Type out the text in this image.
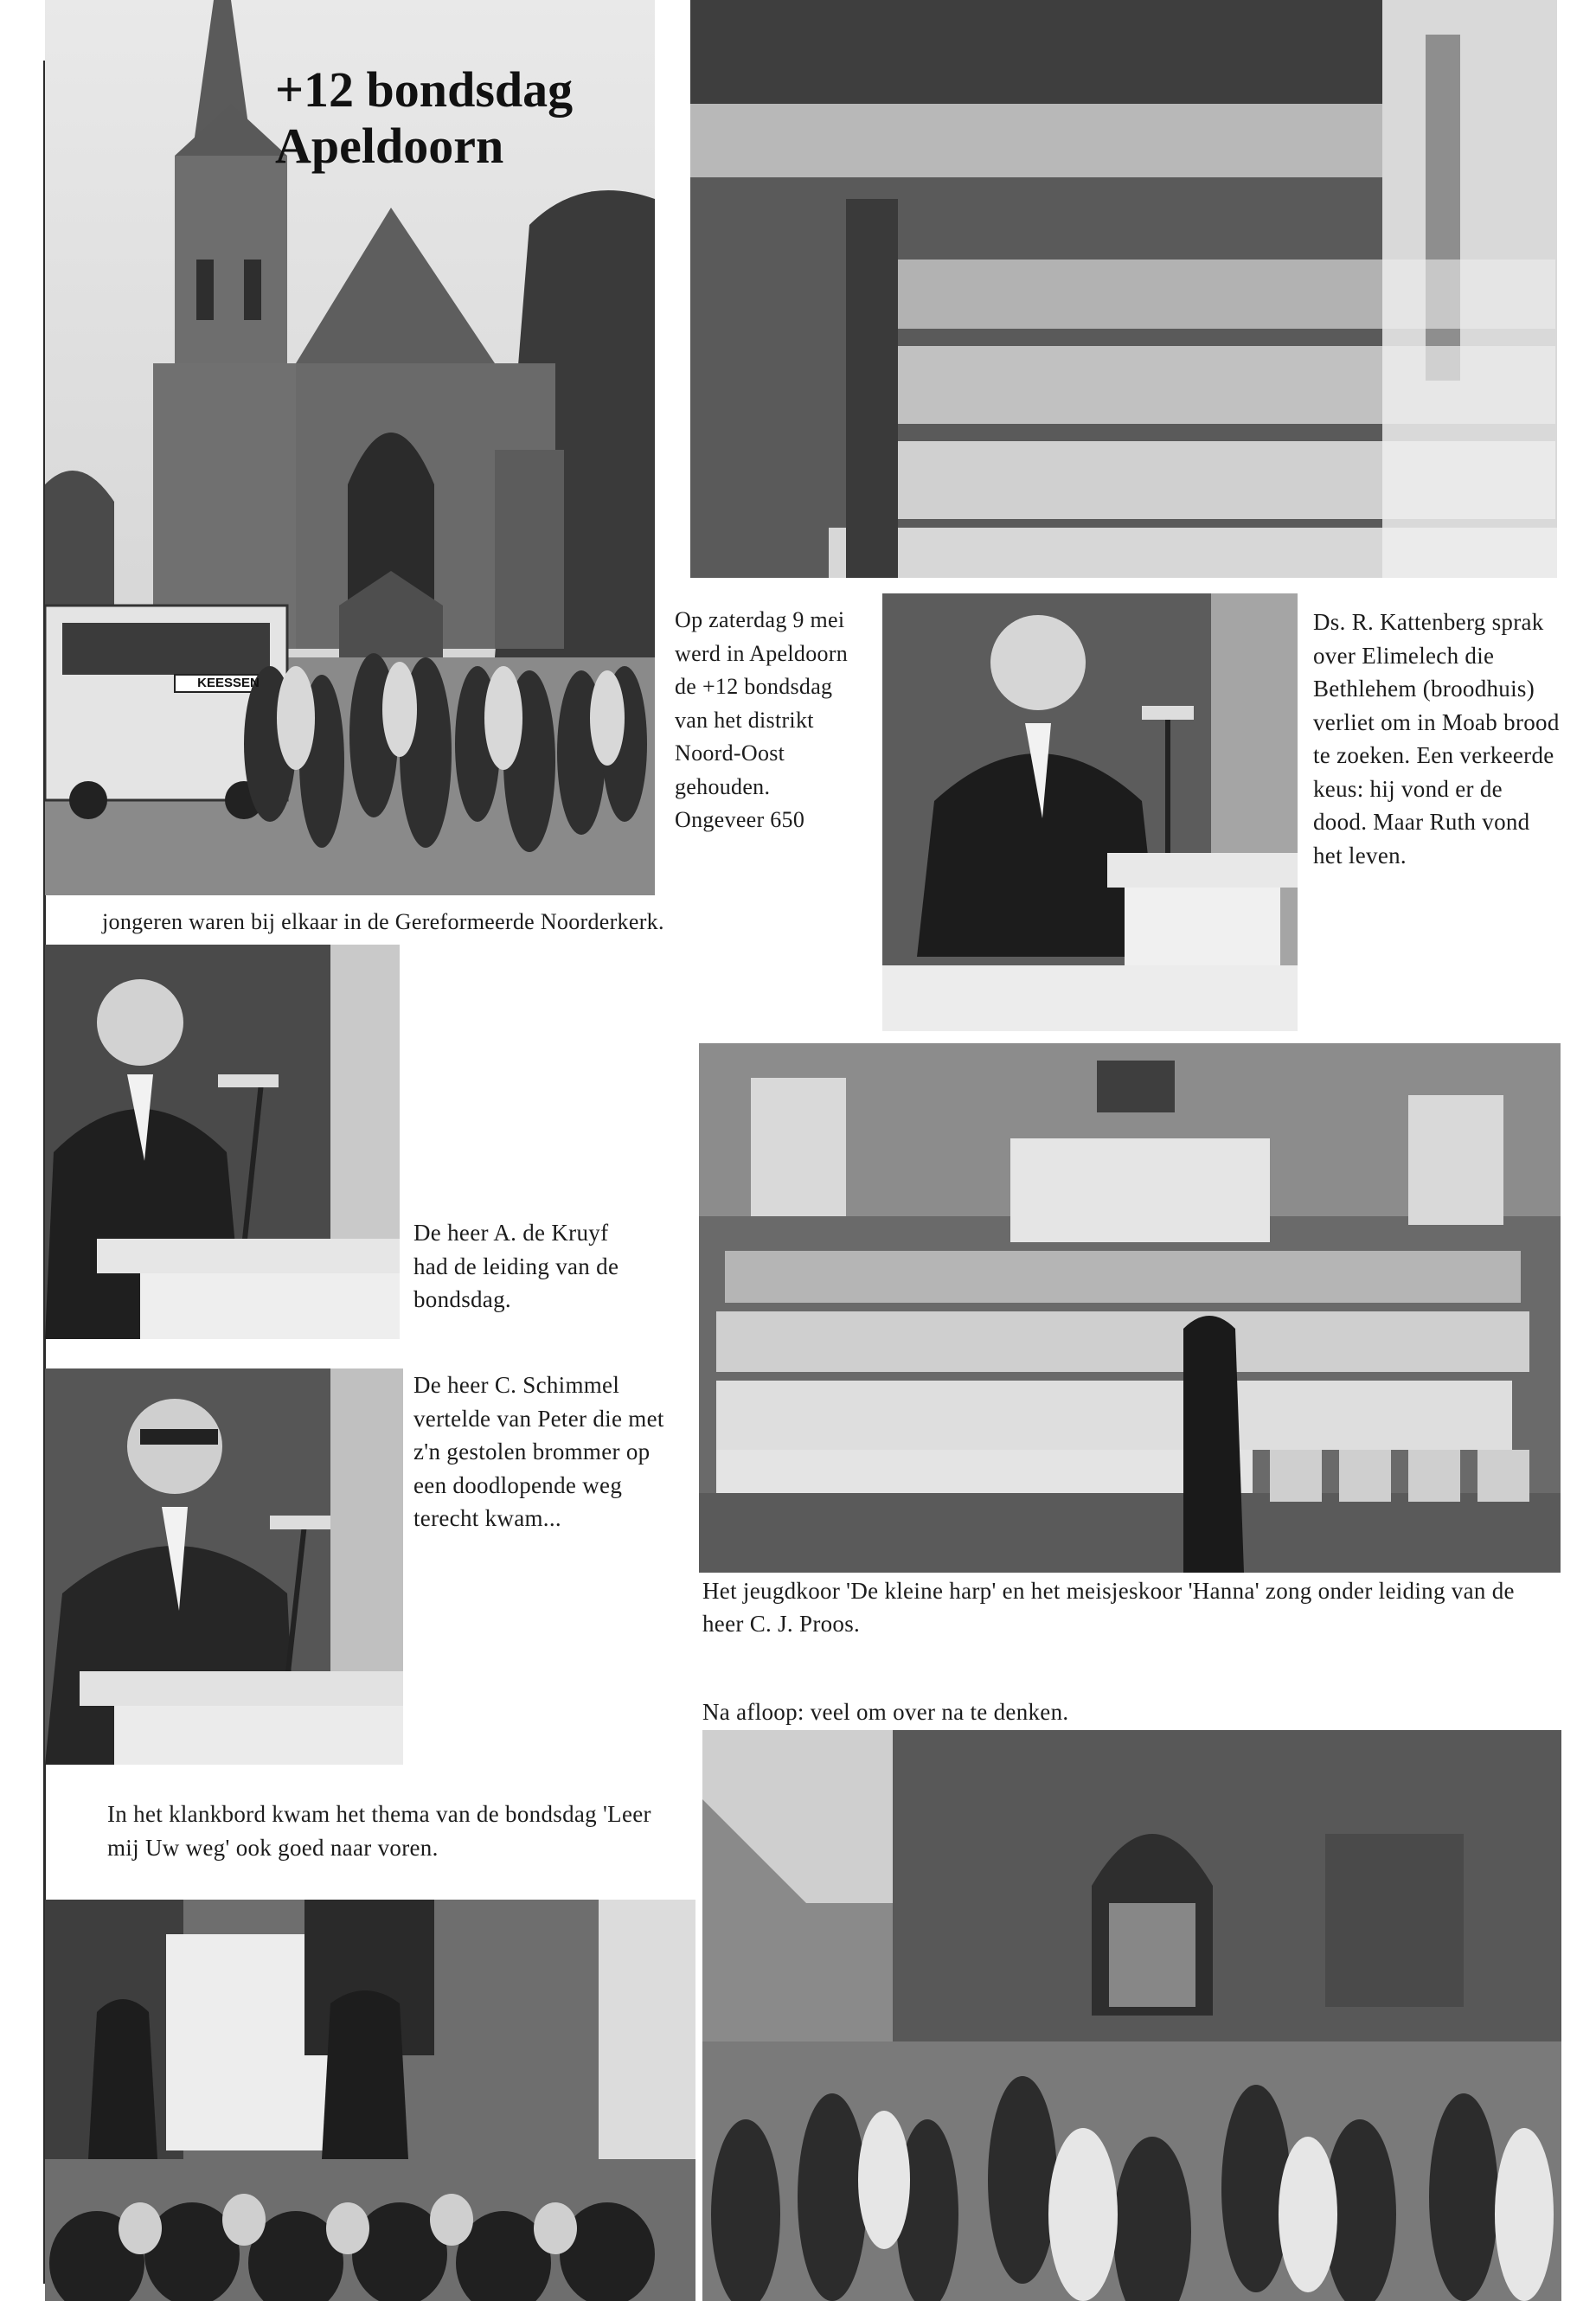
KEESSEN
+12 bondsdag
Apeldoorn

Op zaterdag 9 mei werd in Apeldoorn de +12 bondsdag van het distrikt Noord-Oost gehouden. Ongeveer 650

jongeren waren bij elkaar in de Gereformeerde Noorderkerk.

Ds. R. Kattenberg sprak over Elimelech die Bethlehem (broodhuis) verliet om in Moab brood te zoeken. Een verkeerde keus: hij vond er de dood. Maar Ruth vond het leven.

De heer A. de Kruyf had de leiding van de bondsdag.

De heer C. Schimmel vertelde van Peter die met z'n gestolen brommer op een doodlopende weg terecht kwam...

Het jeugdkoor 'De kleine harp' en het meisjeskoor 'Hanna' zong onder leiding van de heer C. J. Proos.

Na afloop: veel om over na te denken.

In het klankbord kwam het thema van de bondsdag 'Leer mij Uw weg' ook goed naar voren.
